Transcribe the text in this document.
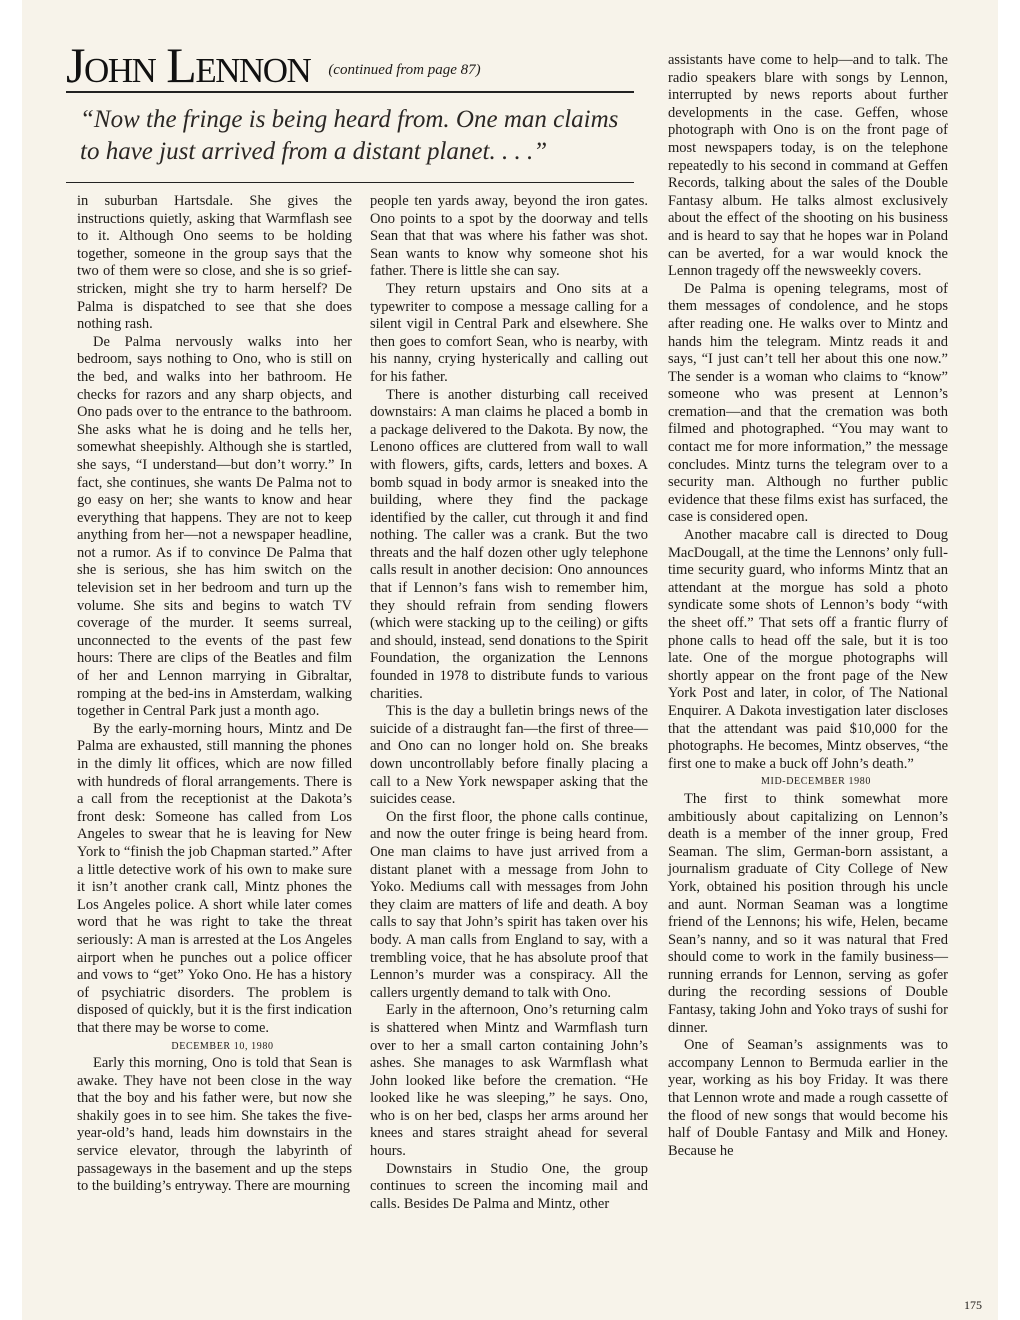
John Lennon (continued from page 87)
“Now the fringe is being heard from. One man claims to have just arrived from a distant planet. . . .”

in suburban Hartsdale. She gives the instructions quietly, asking that Warmflash see to it. Although Ono seems to be holding together, someone in the group says that the two of them were so close, and she is so grief-stricken, might she try to harm herself? De Palma is dispatched to see that she does nothing rash.

De Palma nervously walks into her bedroom, says nothing to Ono, who is still on the bed, and walks into her bathroom. He checks for razors and any sharp objects, and Ono pads over to the entrance to the bathroom. She asks what he is doing and he tells her, somewhat sheepishly. Although she is startled, she says, “I understand—but don’t worry.” In fact, she continues, she wants De Palma not to go easy on her; she wants to know and hear everything that happens. They are not to keep anything from her—not a newspaper headline, not a rumor. As if to convince De Palma that she is serious, she has him switch on the television set in her bedroom and turn up the volume. She sits and begins to watch TV coverage of the murder. It seems surreal, unconnected to the events of the past few hours: There are clips of the Beatles and film of her and Lennon marrying in Gibraltar, romping at the bed-ins in Amsterdam, walking together in Central Park just a month ago.

By the early-morning hours, Mintz and De Palma are exhausted, still manning the phones in the dimly lit offices, which are now filled with hundreds of floral arrangements. There is a call from the receptionist at the Dakota’s front desk: Someone has called from Los Angeles to swear that he is leaving for New York to “finish the job Chapman started.” After a little detective work of his own to make sure it isn’t another crank call, Mintz phones the Los Angeles police. A short while later comes word that he was right to take the threat seriously: A man is arrested at the Los Angeles airport when he punches out a police officer and vows to “get” Yoko Ono. He has a history of psychiatric disorders. The problem is disposed of quickly, but it is the first indication that there may be worse to come.

DECEMBER 10, 1980

Early this morning, Ono is told that Sean is awake. They have not been close in the way that the boy and his father were, but now she shakily goes in to see him. She takes the five-year-old’s hand, leads him downstairs in the service elevator, through the labyrinth of passageways in the basement and up the steps to the building’s entryway. There are mourning

people ten yards away, beyond the iron gates. Ono points to a spot by the doorway and tells Sean that that was where his father was shot. Sean wants to know why someone shot his father. There is little she can say.

They return upstairs and Ono sits at a typewriter to compose a message calling for a silent vigil in Central Park and elsewhere. She then goes to comfort Sean, who is nearby, with his nanny, crying hysterically and calling out for his father.

There is another disturbing call received downstairs: A man claims he placed a bomb in a package delivered to the Dakota. By now, the Lenono offices are cluttered from wall to wall with flowers, gifts, cards, letters and boxes. A bomb squad in body armor is sneaked into the building, where they find the package identified by the caller, cut through it and find nothing. The caller was a crank. But the two threats and the half dozen other ugly telephone calls result in another decision: Ono announces that if Lennon’s fans wish to remember him, they should refrain from sending flowers (which were stacking up to the ceiling) or gifts and should, instead, send donations to the Spirit Foundation, the organization the Lennons founded in 1978 to distribute funds to various charities.

This is the day a bulletin brings news of the suicide of a distraught fan—the first of three—and Ono can no longer hold on. She breaks down uncontrollably before finally placing a call to a New York newspaper asking that the suicides cease.

On the first floor, the phone calls continue, and now the outer fringe is being heard from. One man claims to have just arrived from a distant planet with a message from John to Yoko. Mediums call with messages from John they claim are matters of life and death. A boy calls to say that John’s spirit has taken over his body. A man calls from England to say, with a trembling voice, that he has absolute proof that Lennon’s murder was a conspiracy. All the callers urgently demand to talk with Ono.

Early in the afternoon, Ono’s returning calm is shattered when Mintz and Warmflash turn over to her a small carton containing John’s ashes. She manages to ask Warmflash what John looked like before the cremation. “He looked like he was sleeping,” he says. Ono, who is on her bed, clasps her arms around her knees and stares straight ahead for several hours.

Downstairs in Studio One, the group continues to screen the incoming mail and calls. Besides De Palma and Mintz, other

assistants have come to help—and to talk. The radio speakers blare with songs by Lennon, interrupted by news reports about further developments in the case. Geffen, whose photograph with Ono is on the front page of most newspapers today, is on the telephone repeatedly to his second in command at Geffen Records, talking about the sales of the Double Fantasy album. He talks almost exclusively about the effect of the shooting on his business and is heard to say that he hopes war in Poland can be averted, for a war would knock the Lennon tragedy off the newsweekly covers.

De Palma is opening telegrams, most of them messages of condolence, and he stops after reading one. He walks over to Mintz and hands him the telegram. Mintz reads it and says, “I just can’t tell her about this one now.” The sender is a woman who claims to “know” someone who was present at Lennon’s cremation—and that the cremation was both filmed and photographed. “You may want to contact me for more information,” the message concludes. Mintz turns the telegram over to a security man. Although no further public evidence that these films exist has surfaced, the case is considered open.

Another macabre call is directed to Doug MacDougall, at the time the Lennons’ only full-time security guard, who informs Mintz that an attendant at the morgue has sold a photo syndicate some shots of Lennon’s body “with the sheet off.” That sets off a frantic flurry of phone calls to head off the sale, but it is too late. One of the morgue photographs will shortly appear on the front page of the New York Post and later, in color, of The National Enquirer. A Dakota investigation later discloses that the attendant was paid $10,000 for the photographs. He becomes, Mintz observes, “the first one to make a buck off John’s death.”

MID-DECEMBER 1980

The first to think somewhat more ambitiously about capitalizing on Lennon’s death is a member of the inner group, Fred Seaman. The slim, German-born assistant, a journalism graduate of City College of New York, obtained his position through his uncle and aunt. Norman Seaman was a longtime friend of the Lennons; his wife, Helen, became Sean’s nanny, and so it was natural that Fred should come to work in the family business—running errands for Lennon, serving as gofer during the recording sessions of Double Fantasy, taking John and Yoko trays of sushi for dinner.

One of Seaman’s assignments was to accompany Lennon to Bermuda earlier in the year, working as his boy Friday. It was there that Lennon wrote and made a rough cassette of the flood of new songs that would become his half of Double Fantasy and Milk and Honey. Because he

175
